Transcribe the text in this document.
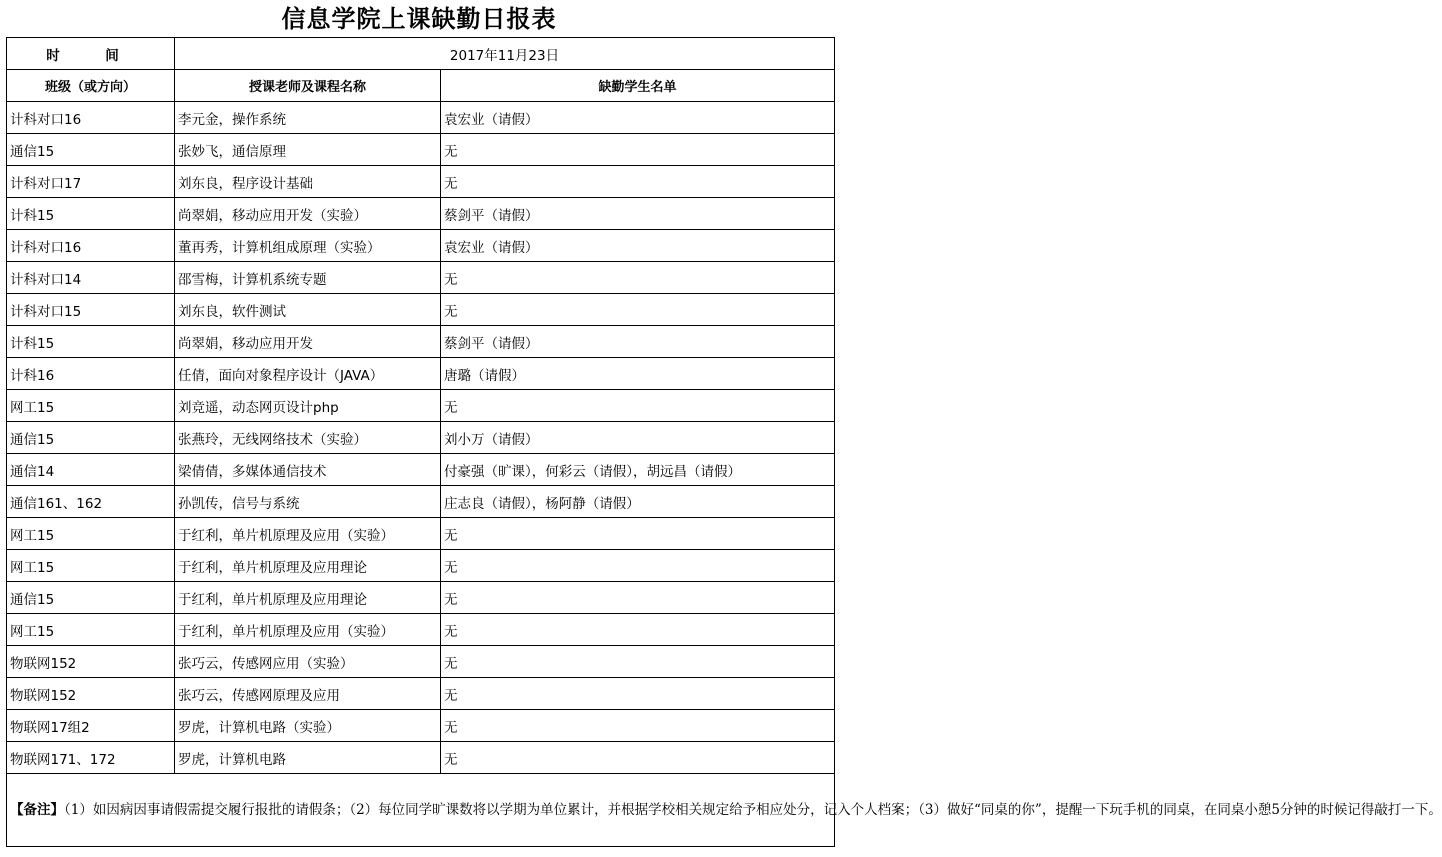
信息学院上课缺勤日报表
时　间	2017年11月23日	
班级（或方向）	授课老师及课程名称	缺勤学生名单
计科对口16	李元金，操作系统	袁宏业（请假）
通信15	张妙飞，通信原理	无
计科对口17	刘东良，程序设计基础	无
计科15	尚翠娟，移动应用开发（实验）	蔡剑平（请假）
计科对口16	董再秀，计算机组成原理（实验）	袁宏业（请假）
计科对口14	邵雪梅，计算机系统专题	无
计科对口15	刘东良，软件测试	无
计科15	尚翠娟，移动应用开发	蔡剑平（请假）
计科16	任倩，面向对象程序设计（JAVA）	唐璐（请假）
网工15	刘竞遥，动态网页设计php	无
通信15	张燕玲，无线网络技术（实验）	刘小万（请假）
通信14	梁倩倩，多媒体通信技术	付豪强（旷课），何彩云（请假），胡远昌（请假）
通信161、162	孙凯传，信号与系统	庄志良（请假），杨阿静（请假）
网工15	于红利，单片机原理及应用（实验）	无
网工15	于红利，单片机原理及应用理论	无
通信15	于红利，单片机原理及应用理论	无
网工15	于红利，单片机原理及应用（实验）	无
物联网152	张巧云，传感网应用（实验）	无
物联网152	张巧云，传感网原理及应用	无
物联网17组2	罗虎，计算机电路（实验）	无
物联网171、172	罗虎，计算机电路	无
【备注】（1）如因病因事请假需提交履行报批的请假条；（2）每位同学旷课数将以学期为单位累计，并根据学校相关规定给予相应处分，记入个人档案；（3）做好“同桌的你”，提醒一下玩手机的同桌，在同桌小憩5分钟的时候记得敲打一下。		
